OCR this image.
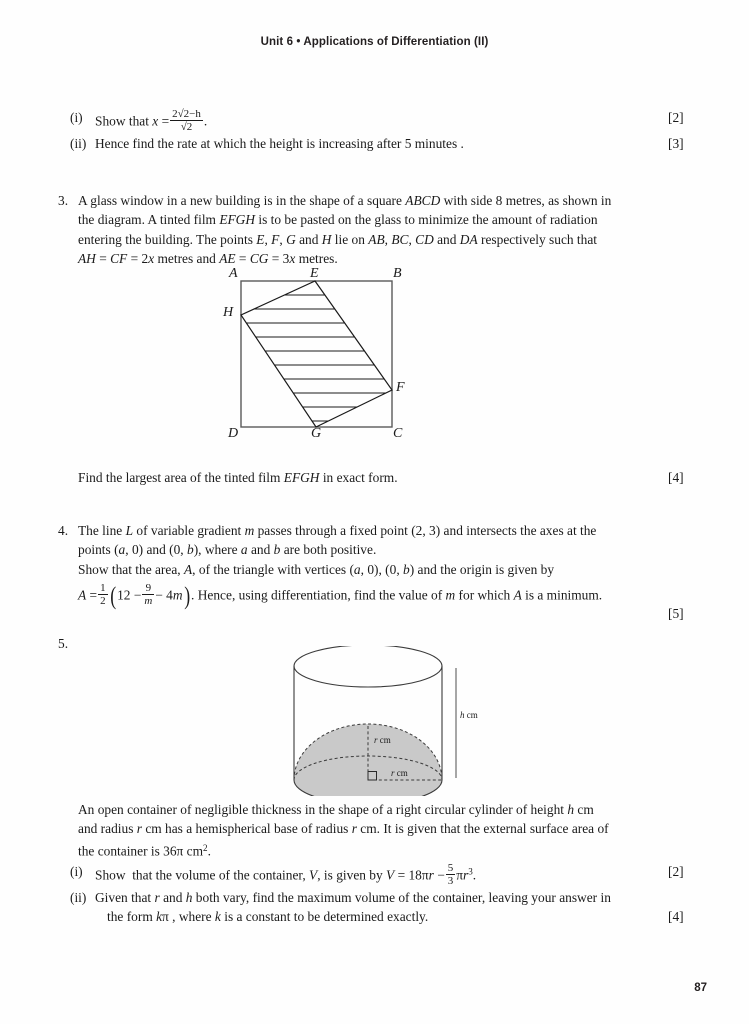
Unit 6 • Applications of Differentiation (II)
(i) Show that $x = \frac{2√2-h}{√2}$ .	[2]
(ii) Hence find the rate at which the height is increasing after 5 minutes .	[3]
3. A glass window in a new building is in the shape of a square ABCD with side 8 metres, as shown in
the diagram. A tinted film EFGH is to be pasted on the glass to minimize the amount of radiation
entering the building. The points E, F, G and H lie on AB, BC, CD and DA respectively such that
AH = CF = 2x metres and AE = CG = 3x metres.
A	B
C
D
E
F
G
H
Find the largest area of the tinted film EFGH in exact form.	[4]
4. The line L of variable gradient m passes through a fixed point (2, 3) and intersects the axes at the
points (a, 0) and (0, b), where a and b are both positive.
Show that the area, A, of the triangle with vertices (a, 0), (0, b) and the origin is given by
$A = \frac{1}{2} (12 - \frac{9}{m} - 4m)$. Hence, using differentiation, find the value of m for which A is a minimum.
[5]
5.
h cm
r cm
r cm
An open container of negligible thickness in the shape of a right circular cylinder of height h cm
and radius r cm has a hemispherical base of radius r cm. It is given that the external surface area of
the container is 36π $cm^2$.
(i) Show  that the volume of the container, V, is given by $V = 18\pi r - \frac{5}{3} \pi r^3$.	[2]
(ii) Given that r and h both vary, find the maximum volume of the container, leaving your answer in
the form kπ , where k is a constant to be determined exactly.	[4]
87
